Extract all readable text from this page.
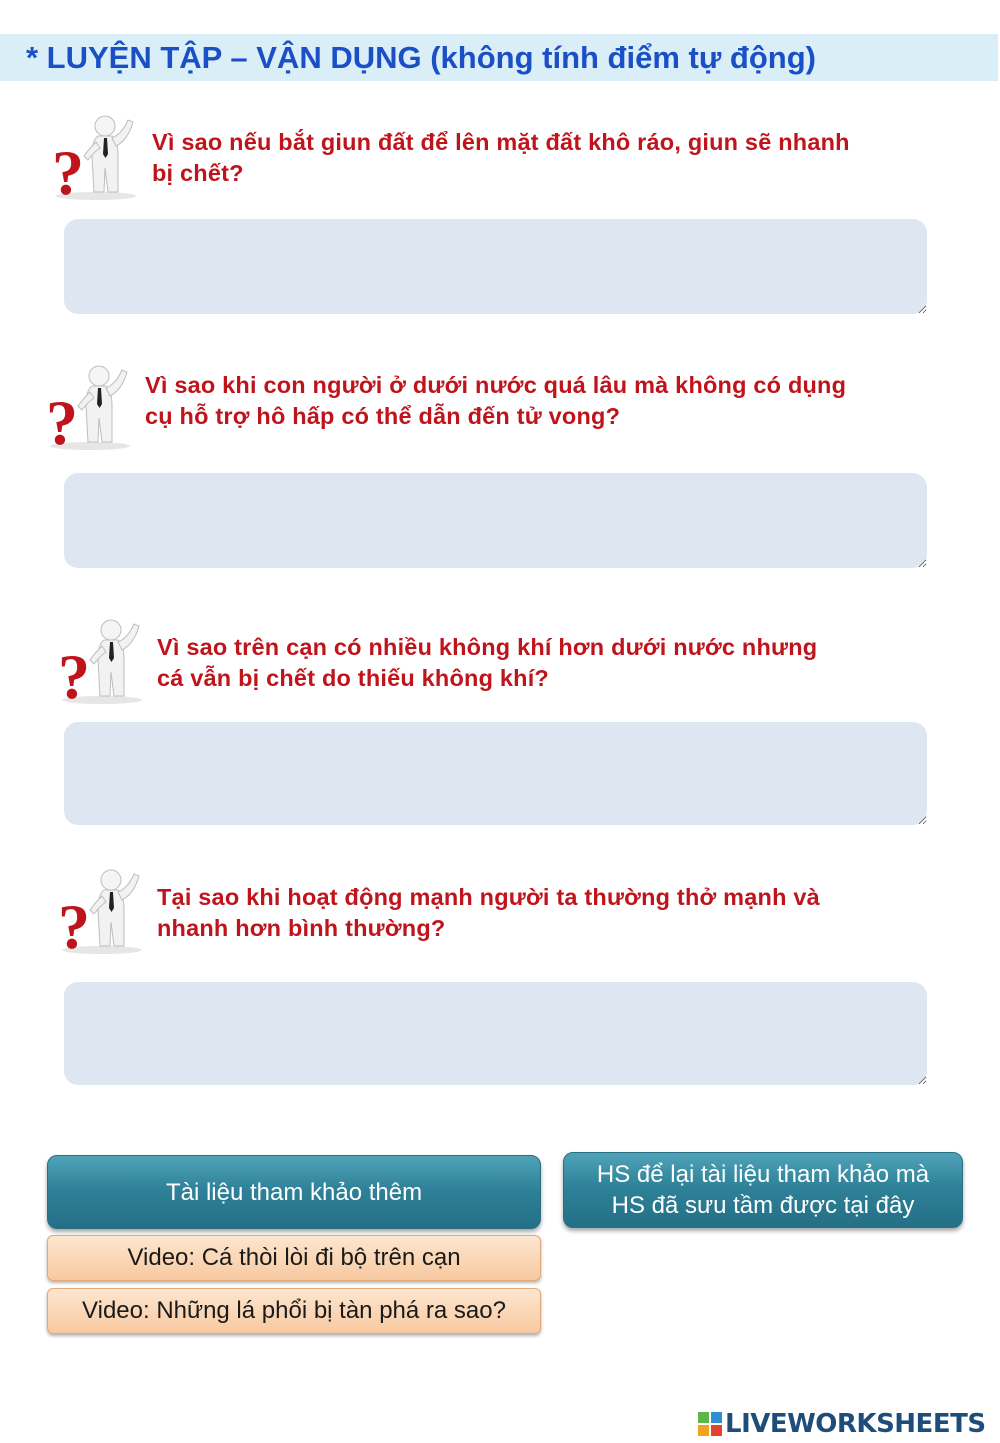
* LUYỆN TẬP – VẬN DỤNG (không tính điểm tự động)
Vì sao nếu bắt giun đất để lên mặt đất khô ráo, giun sẽ nhanh
bị chết?
Vì sao khi con người ở dưới nước quá lâu mà không có dụng
cụ hỗ trợ hô hấp có thể dẫn đến tử vong?
Vì sao trên cạn có nhiều không khí hơn dưới nước nhưng
cá vẫn bị chết do thiếu không khí?
Tại sao khi hoạt động mạnh người ta thường thở mạnh và
nhanh hơn bình thường?
Tài liệu tham khảo thêm
HS để lại tài liệu tham khảo mà
HS đã sưu tầm được tại đây
Video: Cá thòi lòi đi bộ trên cạn
Video: Những lá phổi bị tàn phá ra sao?
LIVEWORKSHEETS
